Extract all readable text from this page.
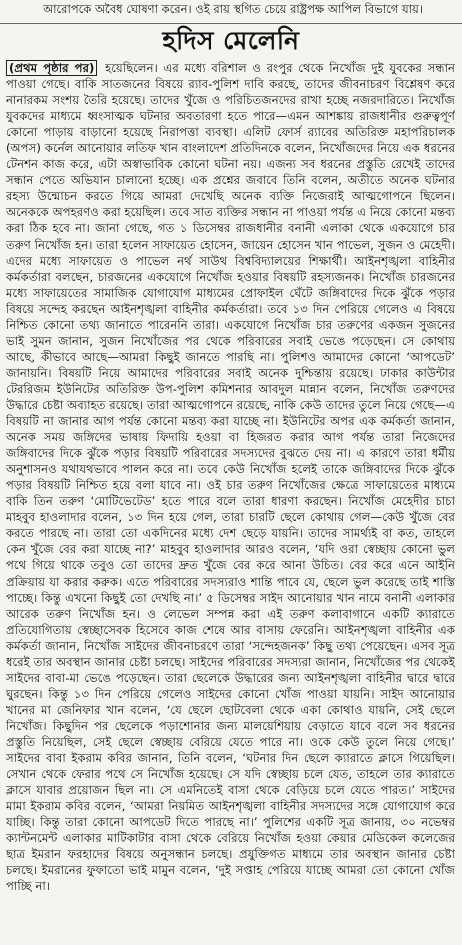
আরোপকে অবৈধ ঘোষণা করেন। ওই রায় স্থগিত চেয়ে রাষ্ট্রপক্ষ আপিল বিভাগে যায়।
হদিস মেলেনি

(প্রথম পৃষ্ঠার পর) হয়েছিলেন। এর মধ্যে বরিশাল ও রংপুর থেকে নিখোঁজ দুই যুবকের সন্ধান পাওয়া গেছে। বাকি সাতজনের বিষয়ে র‍্যাব-পুলিশ দাবি করছে, তাদের জীবনাচরণ বিশ্লেষণ করে নানারকম সংশয় তৈরি হয়েছে। তাদের খুঁজে ও পরিচিতজনদের রাখা হচ্ছে নজরদারিতে। নিখোঁজ যুবকদের মাধ্যমে ধ্বংসাত্মক ঘটনার অবতারণা হতে পারে—এমন আশঙ্কায় রাজধানীর গুরুত্বপূর্ণ কোনো পাড়ায় বাড়ানো হয়েছে নিরাপত্তা ব্যবস্থা। এলিট ফোর্স র‍্যাবের অতিরিক্ত মহাপরিচালক (অপস) কর্নেল আনোয়ার লতিফ খান বাংলাদেশ প্রতিদিনকে বলেন, নিখোঁজদের নিয়ে এক ধরনের টেনশন কাজ করে, এটা অস্বাভাবিক কোনো ঘটনা নয়। এজন্য সব ধরনের প্রস্তুতি রেখেই তাদের সন্ধান পেতে অভিযান চালানো হচ্ছে। এক প্রশ্নের জবাবে তিনি বলেন, অতীতে অনেক ঘটনার রহস্য উন্মোচন করতে গিয়ে আমরা দেখেছি অনেক ব্যক্তি নিজেরাই আত্মগোপনে ছিলেন। অনেককে অপহরণও করা হয়েছিল। তবে সাত ব্যক্তির সন্ধান না পাওয়া পর্যন্ত এ নিয়ে কোনো মন্তব্য করা ঠিক হবে না। জানা গেছে, গত ১ ডিসেম্বর রাজধানীর বনানী এলাকা থেকে একযোগে চার তরুণ নিখোঁজ হন। তারা হলেন সাফায়েত হোসেন, জায়েন হোসেন খান পাভেল, সুজন ও মেহেদী। এদের মধ্যে সাফায়েত ও পাভেল নর্থ সাউথ বিশ্ববিদ্যালয়ের শিক্ষার্থী। আইনশৃঙ্খলা বাহিনীর কর্মকর্তারা বলছেন, চারজনের একযোগে নিখোঁজ হওয়ার বিষয়টি রহস্যজনক। নিখোঁজ চারজনের মধ্যে সাফায়েতের সামাজিক যোগাযোগ মাধ্যমের প্রোফাইল ঘেঁটে জঙ্গিবাদের দিকে ঝুঁকে পড়ার বিষয়ে সন্দেহ করছেন আইনশৃঙ্খলা বাহিনীর কর্মকর্তারা। তবে ১৩ দিন পেরিয়ে গেলেও এ বিষয়ে নিশ্চিত কোনো তথ্য জানাতে পারেননি তারা। একযোগে নিখোঁজ চার তরুণের একজন সুজনের ভাই সুমন জানান, সুজন নিখোঁজের পর থেকে পরিবারের সবাই ভেঙে পড়েছেন। সে কোথায় আছে, কীভাবে আছে—আমরা কিছুই জানতে পারছি না। পুলিশও আমাদের কোনো ‘আপডেট’ জানায়নি। বিষয়টি নিয়ে আমাদের পরিবারের সবাই অনেক দুশ্চিন্তায় রয়েছে। ঢাকার কাউন্টার টেররিজম ইউনিটের অতিরিক্ত উপ-পুলিশ কমিশনার আবদুল মান্নান বলেন, নিখোঁজ তরুণদের উদ্ধারে চেষ্টা অব্যাহত রয়েছে। তারা আত্মগোপনে রয়েছে, নাকি কেউ তাদের তুলে নিয়ে গেছে—এ বিষয়টি না জানার আগ পর্যন্ত কোনো মন্তব্য করা যাচ্ছে না। ইউনিটের অপর এক কর্মকর্তা জানান, অনেক সময় জঙ্গিদের ভাষায় ফিদায়ি হওয়া বা হিজরত করার আগ পর্যন্ত তারা নিজেদের জঙ্গিবাদের দিকে ঝুঁকে পড়ার বিষয়টি পরিবারের সদস্যদের বুঝতে দেয় না। এ কারণে তারা ধর্মীয় অনুশাসনও যথাযথভাবে পালন করে না। তবে কেউ নিখোঁজ হলেই তাকে জঙ্গিবাদের দিকে ঝুঁকে পড়ার বিষয়টি নিশ্চিত হয়ে বলা যাবে না। ওই চার তরুণ নিখোঁজের ক্ষেত্রে সাফায়েতের মাধ্যমে বাকি তিন তরুণ ‘মোটিভেটেড’ হতে পারে বলে তারা ধারণা করছেন। নিখোঁজ মেহেদীর চাচা মাহবুব হাওলাদার বলেন, ১৩ দিন হয়ে গেল, তারা চারটি ছেলে কোথায় গেল—কেউ খুঁজে বের করতে পারছে না। তারা তো একদিনের মধ্যে দেশ ছেড়ে যায়নি। তাদের সামর্থ্যই বা কত, তাহলে কেন খুঁজে বের করা যাচ্ছে না?’ মাহবুব হাওলাদার আরও বলেন, ‘যদি ওরা স্বেচ্ছায় কোনো ভুল পথে গিয়ে থাকে তবুও তো তাদের দ্রুত খুঁজে বের করে আনা উচিত। বের করে এনে আইনি প্রক্রিয়ায় যা করার করুক। এতে পরিবারের সদস্যরাও শান্তি পাবে যে, ছেলে ভুল করেছে তাই শাস্তি পাচ্ছে। কিন্তু এখনো কিছুই তো দেখছি না।’ ৫ ডিসেম্বর সাইদ আনোয়ার খান নামে বনানী এলাকার আরেক তরুণ নিখোঁজ হন। ও লেভেল সম্পন্ন করা এই তরুণ কলাবাগানে একটি ক্যারাতে প্রতিযোগিতায় স্বেচ্ছাসেবক হিসেবে কাজ শেষে আর বাসায় ফেরেনি। আইনশৃঙ্খলা বাহিনীর এক কর্মকর্তা জানান, নিখোঁজ সাইদের জীবনাচরণে তারা ‘সন্দেহজনক’ কিছু তথ্য পেয়েছেন। এসব সূত্র ধরেই তার অবস্থান জানার চেষ্টা চলছে। সাইদের পরিবারের সদস্যরা জানান, নিখোঁজের পর থেকেই সাইদের বাবা-মা ভেঙে পড়েছেন। তারা ছেলেকে উদ্ধারের জন্য আইনশৃঙ্খলা বাহিনীর দ্বারে দ্বারে ঘুরছেন। কিন্তু ১৩ দিন পেরিয়ে গেলেও সাইদের কোনো খোঁজ পাওয়া যায়নি। সাইদ আনোয়ার খানের মা জেনিফার খান বলেন, ‘যে ছেলে ছোটবেলা থেকে একা কোথাও যায়নি, সেই ছেলে নিখোঁজ। কিছুদিন পর ছেলেকে পড়াশোনার জন্য মালয়েশিয়ায় বেড়াতে যাবে বলে সব ধরনের প্রস্তুতি নিয়েছিল, সেই ছেলে স্বেচ্ছায় বেরিয়ে যেতে পারে না। ওকে কেউ তুলে নিয়ে গেছে।’ সাইদের বাবা ইকরাম কবির জানান, তিনি বলেন, ‘ঘটনার দিন ছেলে ক্যারাতে ক্লাসে গিয়েছিল। সেখান থেকে ফেরার পথে সে নিখোঁজ হয়েছে। সে যদি স্বেচ্ছায় চলে যেত, তাহলে তার ক্যারাতে ক্লাসে যাবার প্রয়োজন ছিল না। সে এমনিতেই বাসা থেকে বেড়িয়ে চলে যেতে পারত।’ সাইদের মামা ইকরাম কবির বলেন, ‘আমরা নিয়মিত আইনশৃঙ্খলা বাহিনীর সদস্যদের সঙ্গে যোগাযোগ করে যাচ্ছি। কিন্তু তারা কোনো আপডেট দিতে পারছে না।’ পুলিশের একটি সূত্র জানায়, ৩০ নভেম্বর ক্যান্টনমেন্ট এলাকার মাটিকাটার বাসা থেকে বেরিয়ে নিখোঁজ হওয়া কেয়ার মেডিকেল কলেজের ছাত্র ইমরান ফরহাদের বিষয়ে অনুসন্ধান চলছে। প্রযুক্তিগত মাধ্যমে তার অবস্থান জানার চেষ্টা চলছে। ইমরানের ফুফাতো ভাই মামুন বলেন, ‘দুই সপ্তাহ পেরিয়ে যাচ্ছে আমরা তো কোনো খোঁজ পাচ্ছি না।
